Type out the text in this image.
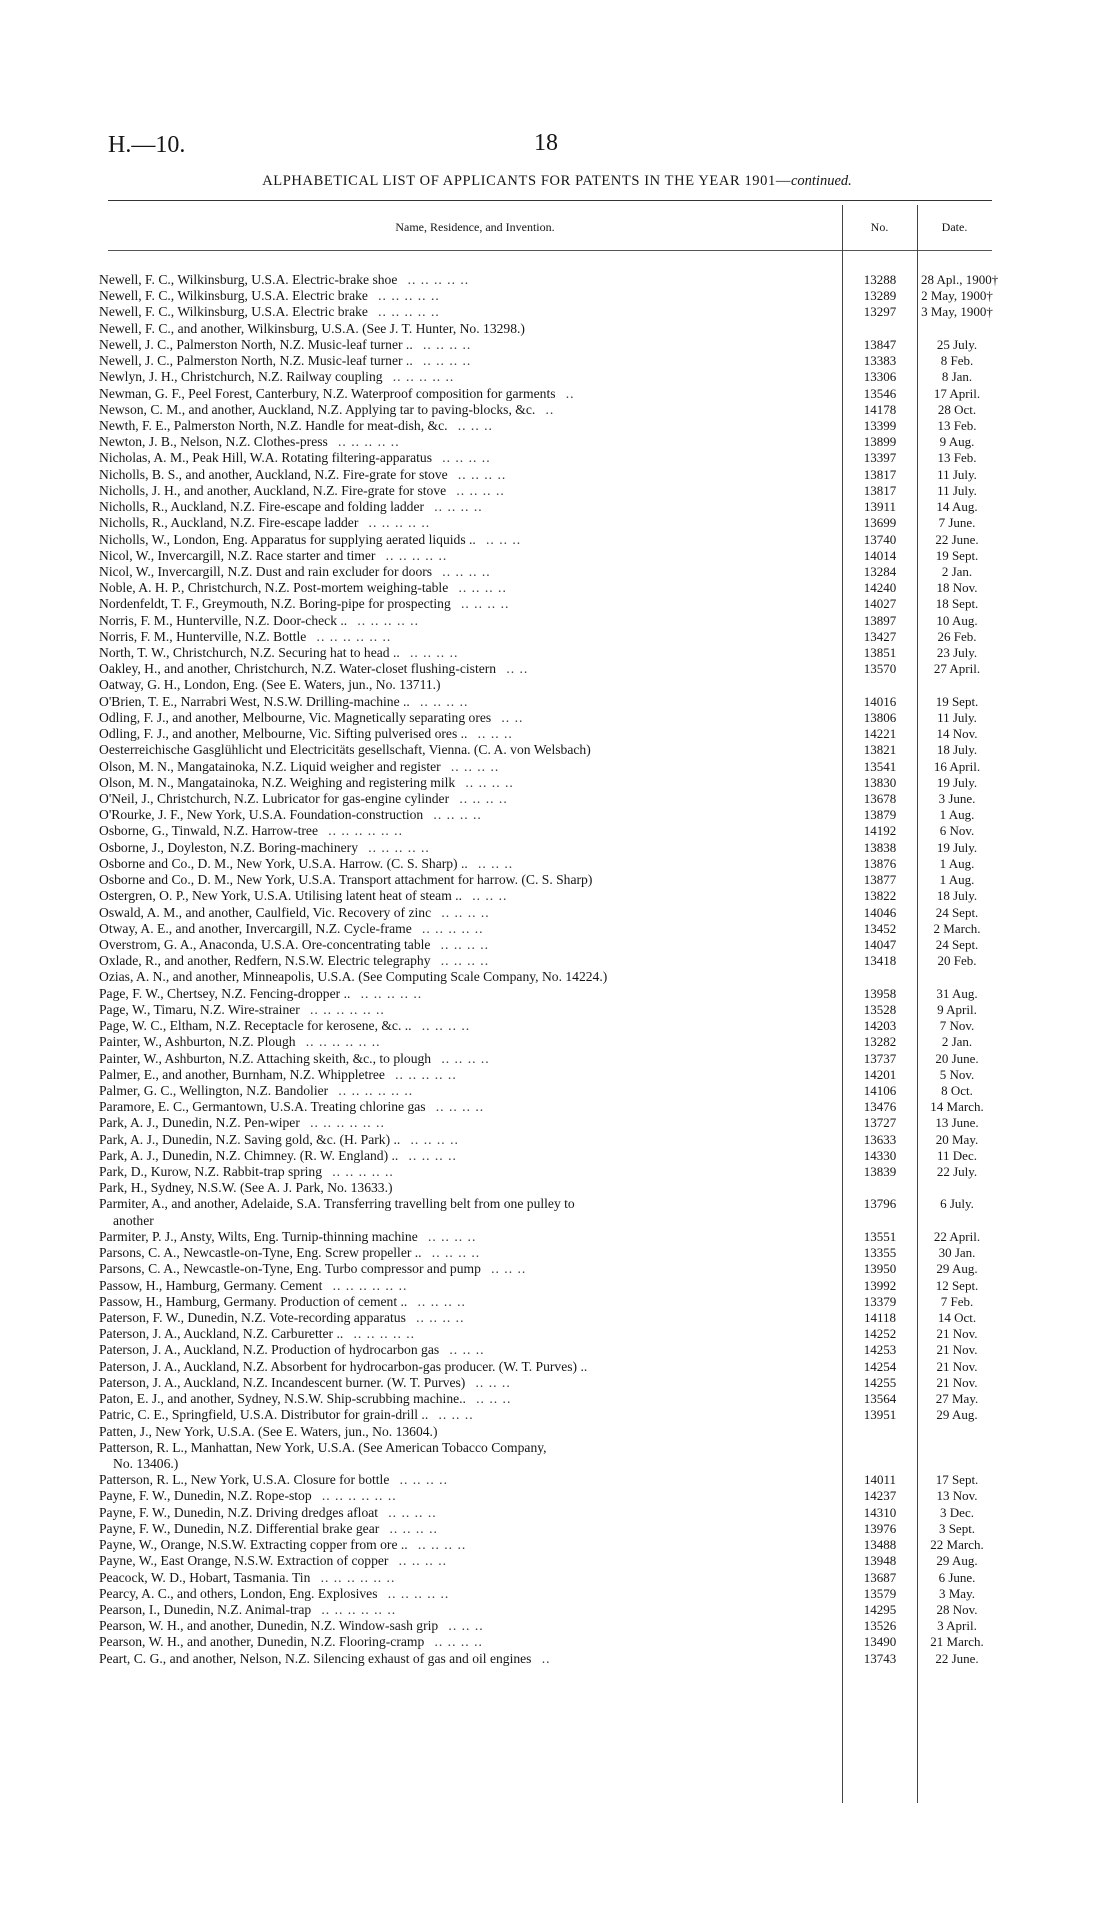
H.—10.	18
ALPHABETICAL LIST OF APPLICANTS FOR PATENTS IN THE YEAR 1901—continued.
Name, Residence, and Invention.	No.	Date.
Newell, F. C., Wilkinsburg, U.S.A. Electric-brake shoe .. .. .. .. ..	13288	28 Apl., 1900†
Newell, F. C., Wilkinsburg, U.S.A. Electric brake .. .. .. .. ..	13289	2 May, 1900†
Newell, F. C., Wilkinsburg, U.S.A. Electric brake .. .. .. .. ..	13297	3 May, 1900†
Newell, F. C., and another, Wilkinsburg, U.S.A. (See J. T. Hunter, No. 13298.)
Newell, J. C., Palmerston North, N.Z. Music-leaf turner .. .. .. .. ..	13847	25 July.
Newell, J. C., Palmerston North, N.Z. Music-leaf turner .. .. .. .. ..	13383	8 Feb.
Newlyn, J. H., Christchurch, N.Z. Railway coupling .. .. .. .. ..	13306	8 Jan.
Newman, G. F., Peel Forest, Canterbury, N.Z. Waterproof composition for garments ..	13546	17 April.
Newson, C. M., and another, Auckland, N.Z. Applying tar to paving-blocks, &c. ..	14178	28 Oct.
Newth, F. E., Palmerston North, N.Z. Handle for meat-dish, &c. .. .. ..	13399	13 Feb.
Newton, J. B., Nelson, N.Z. Clothes-press .. .. .. .. ..	13899	9 Aug.
Nicholas, A. M., Peak Hill, W.A. Rotating filtering-apparatus .. .. .. ..	13397	13 Feb.
Nicholls, B. S., and another, Auckland, N.Z. Fire-grate for stove .. .. .. ..	13817	11 July.
Nicholls, J. H., and another, Auckland, N.Z. Fire-grate for stove .. .. .. ..	13817	11 July.
Nicholls, R., Auckland, N.Z. Fire-escape and folding ladder .. .. .. ..	13911	14 Aug.
Nicholls, R., Auckland, N.Z. Fire-escape ladder .. .. .. .. ..	13699	7 June.
Nicholls, W., London, Eng. Apparatus for supplying aerated liquids .. .. .. ..	13740	22 June.
Nicol, W., Invercargill, N.Z. Race starter and timer .. .. .. .. ..	14014	19 Sept.
Nicol, W., Invercargill, N.Z. Dust and rain excluder for doors .. .. .. ..	13284	2 Jan.
Noble, A. H. P., Christchurch, N.Z. Post-mortem weighing-table .. .. .. ..	14240	18 Nov.
Nordenfeldt, T. F., Greymouth, N.Z. Boring-pipe for prospecting .. .. .. ..	14027	18 Sept.
Norris, F. M., Hunterville, N.Z. Door-check .. .. .. .. .. ..	13897	10 Aug.
Norris, F. M., Hunterville, N.Z. Bottle .. .. .. .. .. ..	13427	26 Feb.
North, T. W., Christchurch, N.Z. Securing hat to head .. .. .. .. ..	13851	23 July.
Oakley, H., and another, Christchurch, N.Z. Water-closet flushing-cistern .. ..	13570	27 April.
Oatway, G. H., London, Eng. (See E. Waters, jun., No. 13711.)
O'Brien, T. E., Narrabri West, N.S.W. Drilling-machine .. .. .. .. ..	14016	19 Sept.
Odling, F. J., and another, Melbourne, Vic. Magnetically separating ores .. ..	13806	11 July.
Odling, F. J., and another, Melbourne, Vic. Sifting pulverised ores .. .. .. ..	14221	14 Nov.
Oesterreichische Gasglühlicht und Electricitäts gesellschaft, Vienna. (C. A. von Welsbach)	13821	18 July.
Olson, M. N., Mangatainoka, N.Z. Liquid weigher and register .. .. .. ..	13541	16 April.
Olson, M. N., Mangatainoka, N.Z. Weighing and registering milk .. .. .. ..	13830	19 July.
O'Neil, J., Christchurch, N.Z. Lubricator for gas-engine cylinder .. .. .. ..	13678	3 June.
O'Rourke, J. F., New York, U.S.A. Foundation-construction .. .. .. ..	13879	1 Aug.
Osborne, G., Tinwald, N.Z. Harrow-tree .. .. .. .. .. ..	14192	6 Nov.
Osborne, J., Doyleston, N.Z. Boring-machinery .. .. .. .. ..	13838	19 July.
Osborne and Co., D. M., New York, U.S.A. Harrow. (C. S. Sharp) .. .. .. ..	13876	1 Aug.
Osborne and Co., D. M., New York, U.S.A. Transport attachment for harrow. (C. S. Sharp)	13877	1 Aug.
Ostergren, O. P., New York, U.S.A. Utilising latent heat of steam .. .. .. ..	13822	18 July.
Oswald, A. M., and another, Caulfield, Vic. Recovery of zinc .. .. .. ..	14046	24 Sept.
Otway, A. E., and another, Invercargill, N.Z. Cycle-frame .. .. .. .. ..	13452	2 March.
Overstrom, G. A., Anaconda, U.S.A. Ore-concentrating table .. .. .. ..	14047	24 Sept.
Oxlade, R., and another, Redfern, N.S.W. Electric telegraphy .. .. .. ..	13418	20 Feb.
Ozias, A. N., and another, Minneapolis, U.S.A. (See Computing Scale Company, No. 14224.)
Page, F. W., Chertsey, N.Z. Fencing-dropper .. .. .. .. .. ..	13958	31 Aug.
Page, W., Timaru, N.Z. Wire-strainer .. .. .. .. .. ..	13528	9 April.
Page, W. C., Eltham, N.Z. Receptacle for kerosene, &c. .. .. .. .. ..	14203	7 Nov.
Painter, W., Ashburton, N.Z. Plough .. .. .. .. .. ..	13282	2 Jan.
Painter, W., Ashburton, N.Z. Attaching skeith, &c., to plough .. .. .. ..	13737	20 June.
Palmer, E., and another, Burnham, N.Z. Whippletree .. .. .. .. ..	14201	5 Nov.
Palmer, G. C., Wellington, N.Z. Bandolier .. .. .. .. .. ..	14106	8 Oct.
Paramore, E. C., Germantown, U.S.A. Treating chlorine gas .. .. .. ..	13476	14 March.
Park, A. J., Dunedin, N.Z. Pen-wiper .. .. .. .. .. ..	13727	13 June.
Park, A. J., Dunedin, N.Z. Saving gold, &c. (H. Park) .. .. .. .. ..	13633	20 May.
Park, A. J., Dunedin, N.Z. Chimney. (R. W. England) .. .. .. .. ..	14330	11 Dec.
Park, D., Kurow, N.Z. Rabbit-trap spring .. .. .. .. ..	13839	22 July.
Park, H., Sydney, N.S.W. (See A. J. Park, No. 13633.)
Parmiter, A., and another, Adelaide, S.A. Transferring travelling belt from one pulley to
another
13796	6 July.
Parmiter, P. J., Ansty, Wilts, Eng. Turnip-thinning machine .. .. .. ..	13551	22 April.
Parsons, C. A., Newcastle-on-Tyne, Eng. Screw propeller .. .. .. .. ..	13355	30 Jan.
Parsons, C. A., Newcastle-on-Tyne, Eng. Turbo compressor and pump .. .. ..	13950	29 Aug.
Passow, H., Hamburg, Germany. Cement .. .. .. .. .. ..	13992	12 Sept.
Passow, H., Hamburg, Germany. Production of cement .. .. .. .. ..	13379	7 Feb.
Paterson, F. W., Dunedin, N.Z. Vote-recording apparatus .. .. .. ..	14118	14 Oct.
Paterson, J. A., Auckland, N.Z. Carburetter .. .. .. .. .. ..	14252	21 Nov.
Paterson, J. A., Auckland, N.Z. Production of hydrocarbon gas .. .. ..	14253	21 Nov.
Paterson, J. A., Auckland, N.Z. Absorbent for hydrocarbon-gas producer. (W. T. Purves) ..	14254	21 Nov.
Paterson, J. A., Auckland, N.Z. Incandescent burner. (W. T. Purves) .. .. ..	14255	21 Nov.
Paton, E. J., and another, Sydney, N.S.W. Ship-scrubbing machine.. .. .. ..	13564	27 May.
Patric, C. E., Springfield, U.S.A. Distributor for grain-drill .. .. .. ..	13951	29 Aug.
Patten, J., New York, U.S.A. (See E. Waters, jun., No. 13604.)
Patterson, R. L., Manhattan, New York, U.S.A. (See American Tobacco Company,
No. 13406.)
Patterson, R. L., New York, U.S.A. Closure for bottle .. .. .. ..	14011	17 Sept.
Payne, F. W., Dunedin, N.Z. Rope-stop .. .. .. .. .. ..	14237	13 Nov.
Payne, F. W., Dunedin, N.Z. Driving dredges afloat .. .. .. ..	14310	3 Dec.
Payne, F. W., Dunedin, N.Z. Differential brake gear .. .. .. ..	13976	3 Sept.
Payne, W., Orange, N.S.W. Extracting copper from ore .. .. .. .. ..	13488	22 March.
Payne, W., East Orange, N.S.W. Extraction of copper .. .. .. ..	13948	29 Aug.
Peacock, W. D., Hobart, Tasmania. Tin .. .. .. .. .. ..	13687	6 June.
Pearcy, A. C., and others, London, Eng. Explosives .. .. .. .. ..	13579	3 May.
Pearson, I., Dunedin, N.Z. Animal-trap .. .. .. .. .. ..	14295	28 Nov.
Pearson, W. H., and another, Dunedin, N.Z. Window-sash grip .. .. ..	13526	3 April.
Pearson, W. H., and another, Dunedin, N.Z. Flooring-cramp .. .. .. ..	13490	21 March.
Peart, C. G., and another, Nelson, N.Z. Silencing exhaust of gas and oil engines ..	13743	22 June.
